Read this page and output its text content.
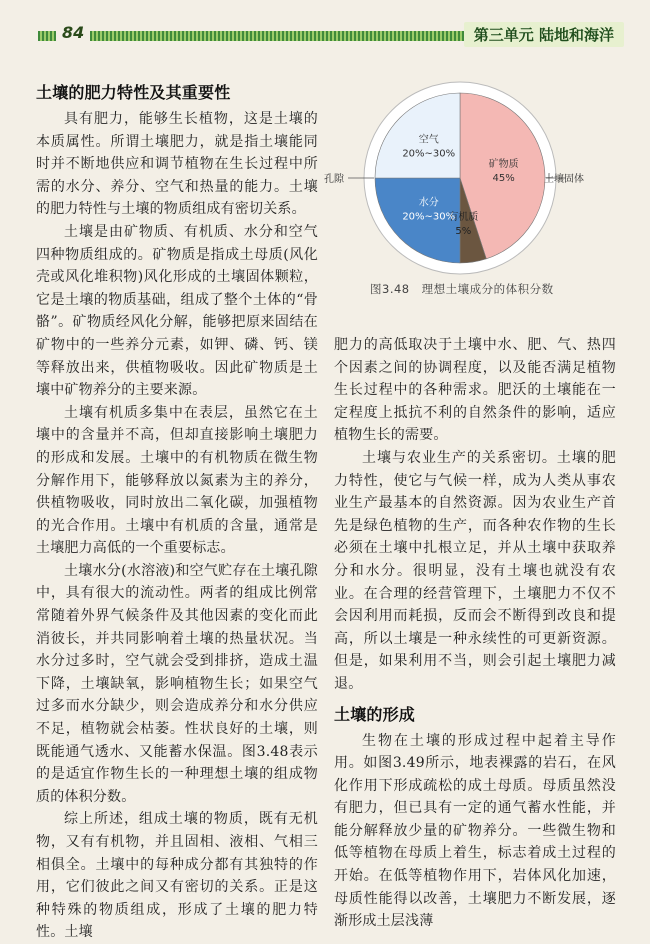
84	第三单元 陆地和海洋
土壤的肥力特性及其重要性

具有肥力，能够生长植物，这是土壤的本质属性。所谓土壤肥力，就是指土壤能同时并不断地供应和调节植物在生长过程中所需的水分、养分、空气和热量的能力。土壤的肥力特性与土壤的物质组成有密切关系。

土壤是由矿物质、有机质、水分和空气四种物质组成的。矿物质是指成土母质(风化壳或风化堆积物)风化形成的土壤固体颗粒，它是土壤的物质基础，组成了整个土体的“骨骼”。矿物质经风化分解，能够把原来固结在矿物中的一些养分元素，如钾、磷、钙、镁等释放出来，供植物吸收。因此矿物质是土壤中矿物养分的主要来源。

土壤有机质多集中在表层，虽然它在土壤中的含量并不高，但却直接影响土壤肥力的形成和发展。土壤中的有机物质在微生物分解作用下，能够释放以氮素为主的养分，供植物吸收，同时放出二氧化碳，加强植物的光合作用。土壤中有机质的含量，通常是土壤肥力高低的一个重要标志。

土壤水分(水溶液)和空气贮存在土壤孔隙中，具有很大的流动性。两者的组成比例常常随着外界气候条件及其他因素的变化而此消彼长，并共同影响着土壤的热量状况。当水分过多时，空气就会受到排挤，造成土温下降，土壤缺氧，影响植物生长；如果空气过多而水分缺少，则会造成养分和水分供应不足，植物就会枯萎。性状良好的土壤，则既能通气透水、又能蓄水保温。图3.48表示的是适宜作物生长的一种理想土壤的组成物质的体积分数。

综上所述，组成土壤的物质，既有无机物，又有有机物，并且固相、液相、气相三相俱全。土壤中的每种成分都有其独特的作用，它们彼此之间又有密切的关系。正是这种特殊的物质组成，形成了土壤的肥力特性。土壤

矿物质
45%
有机质
5%
水分
20%~30%
空气
20%~30%
孔隙	土壤固体
图3.48　理想土壤成分的体积分数

肥力的高低取决于土壤中水、肥、气、热四个因素之间的协调程度，以及能否满足植物生长过程中的各种需求。肥沃的土壤能在一定程度上抵抗不利的自然条件的影响，适应植物生长的需要。

土壤与农业生产的关系密切。土壤的肥力特性，使它与气候一样，成为人类从事农业生产最基本的自然资源。因为农业生产首先是绿色植物的生产，而各种农作物的生长必须在土壤中扎根立足，并从土壤中获取养分和水分。很明显，没有土壤也就没有农业。在合理的经营管理下，土壤肥力不仅不会因利用而耗损，反而会不断得到改良和提高，所以土壤是一种永续性的可更新资源。但是，如果利用不当，则会引起土壤肥力减退。

土壤的形成

生物在土壤的形成过程中起着主导作用。如图3.49所示，地表裸露的岩石，在风化作用下形成疏松的成土母质。母质虽然没有肥力，但已具有一定的通气蓄水性能，并能分解释放少量的矿物养分。一些微生物和低等植物在母质上着生，标志着成土过程的开始。在低等植物作用下，岩体风化加速，母质性能得以改善，土壤肥力不断发展，逐渐形成土层浅薄
